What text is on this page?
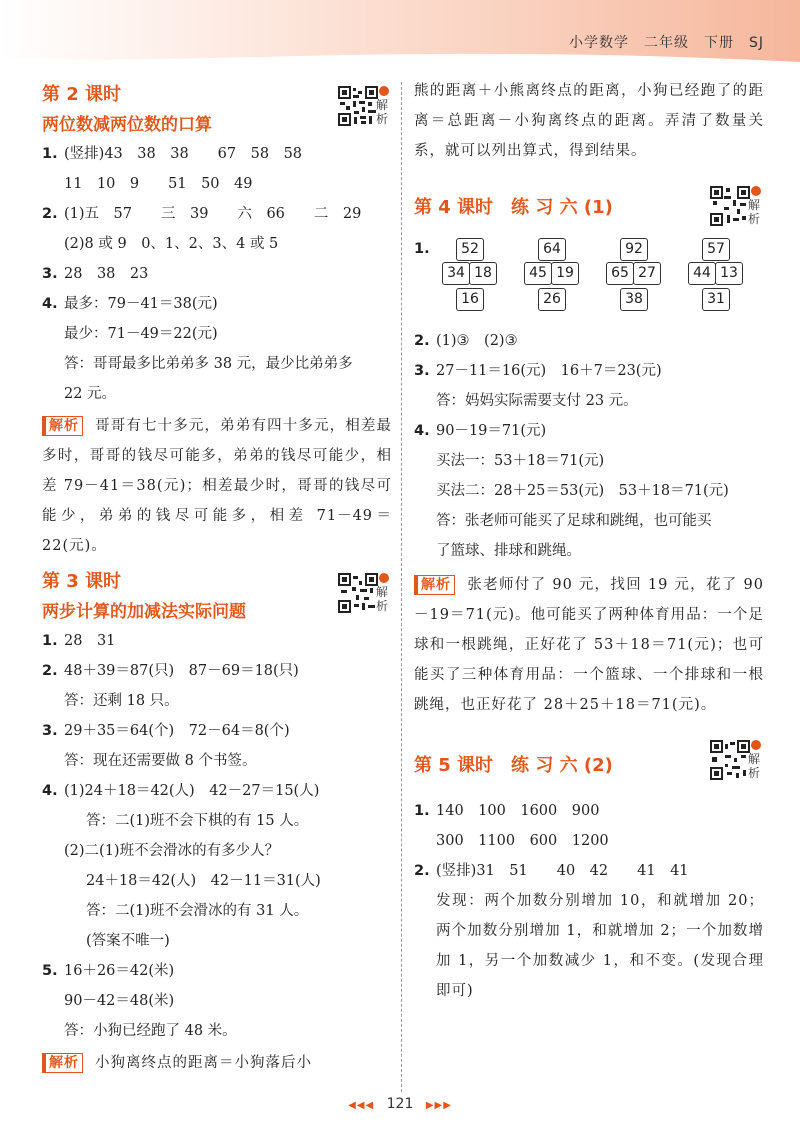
小学数学　二年级　下册　SJ
第 2 课时
两位数减两位数的口算
解析
1. (竖排)43　38　38　　67　58　58
11　10　9　　51　50　49
2. (1)五　57　　三　39　　六　66　　二　29
(2)8 或 9　0、1、2、3、4 或 5
3. 28　38　23
4. 最多：79－41＝38(元)
最少：71－49＝22(元)
答：哥哥最多比弟弟多 38 元，最少比弟弟多
22 元。
解析 哥哥有七十多元，弟弟有四十多元，相差最多时，哥哥的钱尽可能多，弟弟的钱尽可能少，相差 79－41＝38(元)；相差最少时，哥哥的钱尽可能少，弟弟的钱尽可能多，相差 71－49＝22(元)。
第 3 课时
两步计算的加减法实际问题
解析
1. 28　31
2. 48＋39＝87(只)　87－69＝18(只)
答：还剩 18 只。
3. 29＋35＝64(个)　72－64＝8(个)
答：现在还需要做 8 个书签。
4. (1)24＋18＝42(人)　42－27＝15(人)
答：二(1)班不会下棋的有 15 人。
(2)二(1)班不会滑冰的有多少人？
24＋18＝42(人)　42－11＝31(人)
答：二(1)班不会滑冰的有 31 人。
(答案不唯一)
5. 16＋26＝42(米)
90－42＝48(米)
答：小狗已经跑了 48 米。
解析 小狗离终点的距离＝小狗落后小
熊的距离＋小熊离终点的距离，小狗已经跑了的距离＝总距离－小狗离终点的距离。弄清了数量关系，就可以列出算式，得到结果。
第 4 课时　练 习 六 (1)	解析
1.	52
34 18
16
64
45 19
26
92
65 27
38
57
44 13
31
2. (1)③　(2)③
3. 27－11＝16(元)　16＋7＝23(元)
答：妈妈实际需要支付 23 元。
4. 90－19＝71(元)
买法一：53＋18＝71(元)
买法二：28＋25＝53(元)　53＋18＝71(元)
答：张老师可能买了足球和跳绳，也可能买
了篮球、排球和跳绳。
解析 张老师付了 90 元，找回 19 元，花了 90－19＝71(元)。他可能买了两种体育用品：一个足球和一根跳绳，正好花了 53＋18＝71(元)；也可能买了三种体育用品：一个篮球、一个排球和一根跳绳，也正好花了 28＋25＋18＝71(元)。
第 5 课时　练 习 六 (2)	解析
1. 140　100　1600　900
300　1100　600　1200
2. (竖排)31　51　　40　42　　41　41
发现：两个加数分别增加 10，和就增加 20；两个加数分别增加 1，和就增加 2；一个加数增加 1，另一个加数减少 1，和不变。(发现合理即可)
◀◀◀ 121 ▶▶▶
